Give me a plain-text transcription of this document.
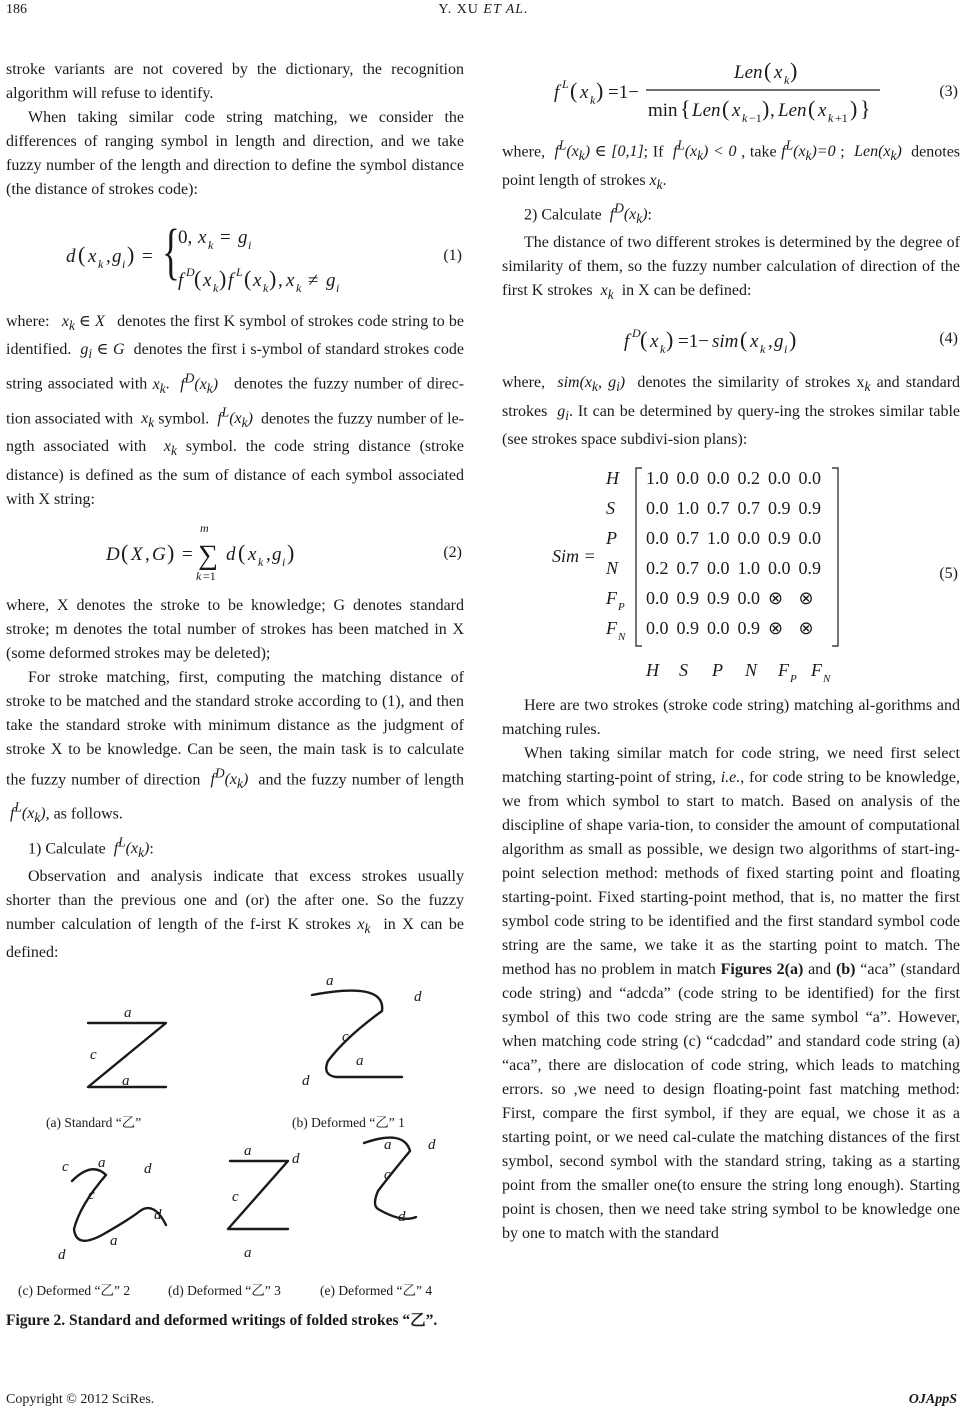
186	Y. XU ET AL.

stroke variants are not covered by the dictionary, the recognition algorithm will refuse to identify.

When taking similar code string matching, we consider the differences of ranging symbol in length and direction, and we take fuzzy number of the length and direction to define the symbol distance (the distance of strokes code):

d ( x k , g i ) = {
0, x k = g i
f D ( x k ) f L ( x k ) , x k ≠ g i
(1)

where:   $x_k$ ∈ X   denotes the first K symbol of strokes code string to be identified.  $g_i$ ∈ G  denotes the first i s-ymbol of standard strokes code string associated with $x_k$.  $f^D(x_k)$   denotes the fuzzy number of direc-tion associated with  $x_k$ symbol.  $f^L(x_k)$  denotes the fuzzy number of le-ngth associated with  $x_k$ symbol. the code string distance (stroke distance) is defined as the sum of distance of each symbol associated with X string:

D ( X , G ) =
m
∑
k =1
d ( x k , g i )	(2)

where, X denotes the stroke to be knowledge; G denotes standard stroke; m denotes the total number of strokes has been matched in X (some deformed strokes may be deleted);

For stroke matching, first, computing the matching distance of stroke to be matched and the standard stroke according to (1), and then take the standard stroke with minimum distance as the judgment of stroke X to be knowledge. Can be seen, the main task is to calculate the fuzzy number of direction  $f^D(x_k)$  and the fuzzy number of length  $f^L(x_k)$, as follows.

1) Calculate  $f^L(x_k)$:

Observation and analysis indicate that excess strokes usually shorter than the previous one and (or) the after one. So the fuzzy number calculation of length of the f-irst K strokes $x_k$ in X can be defined:

a
c
a
a
d
c
a
d
c a	d
c
d
a
d
a	d
c
a
a d
c
d
(a) Standard “乙”	(b) Deformed “乙” 1
(c) Deformed “乙” 2	(d) Deformed “乙” 3	(e) Deformed “乙” 4
Figure 2. Standard and deformed writings of folded strokes “乙”.
f L ( x k ) =1−
Len ( x k )
min { Len ( x k −1 ) , Len ( x k +1 ) }
(3)

where,  $f^L(x_k)$ ∈ [0,1]; If  $f^L(x_k) < 0$ , take $f^L(x_k)=0$ ;  $Len(x_k)$  denotes point length of strokes $x_k$.

2) Calculate  $f^D(x_k)$:

The distance of two different strokes is determined by the degree of similarity of them, so the fuzzy number calculation of direction of the first K strokes  $x_k$ in X can be defined:

f D ( x k ) =1− sim ( x k , g i )	(4)

where,  $sim(x_k$, $g_i$)  denotes the similarity of strokes $x_k$ and standard strokes  $g_i$. It can be determined by query-ing the strokes similar table (see strokes space subdivi-sion plans):

Sim =
H 1.0 0.0 0.0 0.2 0.0 0.0
S 0.0 1.0 0.7 0.7 0.9 0.9
P 0.0 0.7 1.0 0.0 0.9 0.0
N 0.2 0.7 0.0 1.0 0.0 0.9
F P 0.0 0.9 0.9 0.0 ⊗ ⊗
F N 0.0 0.9 0.0 0.9 ⊗ ⊗
H S P N F P F N
(5)

Here are two strokes (stroke code string) matching al-gorithms and matching rules.

When taking similar match for code string, we need first select matching starting-point of string, i.e., for code string to be knowledge, we from which symbol to start to match. Based on analysis of the discipline of shape varia-tion, to consider the amount of computational algorithm as small as possible, we design two algorithms of start-ing-point selection method: methods of fixed starting point and floating starting-point. Fixed starting-point method, that is, no matter the first symbol code string to be identified and the first standard symbol code string are the same, we take it as the starting point to match. The method has no problem in match Figures 2(a) and (b) “aca” (standard code string) and “adcda” (code string to be identified) for the first symbol of this two code string are the same symbol “a”. However, when matching code string (c) “cadcdad” and standard code string (a) “aca”, there are dislocation of code string, which leads to matching errors. so ,we need to design floating-point fast matching method: First, compare the first symbol, if they are equal, we chose it as a starting point, or we need cal-culate the matching distances of the first symbol, second symbol with the standard string, taking as a starting point from the smaller one(to ensure the string long enough). Starting point is chosen, then we need take string symbol to be knowledge one by one to match with the standard

Copyright © 2012 SciRes.	OJAppS
